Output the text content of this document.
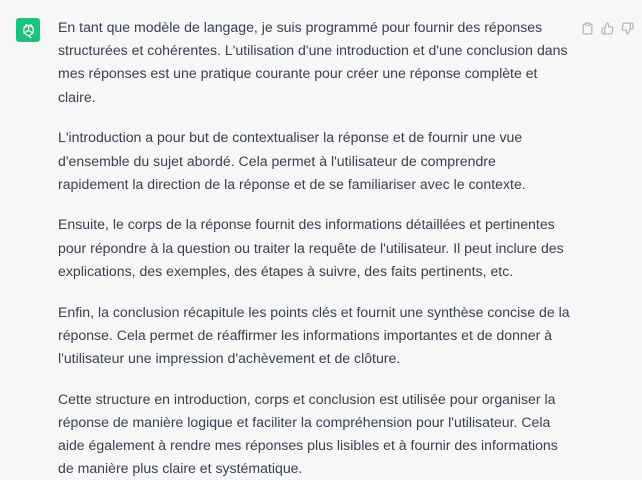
En tant que modèle de langage, je suis programmé pour fournir des réponses structurées et cohérentes. L'utilisation d'une introduction et d'une conclusion dans mes réponses est une pratique courante pour créer une réponse complète et claire.

L'introduction a pour but de contextualiser la réponse et de fournir une vue d'ensemble du sujet abordé. Cela permet à l'utilisateur de comprendre rapidement la direction de la réponse et de se familiariser avec le contexte.

Ensuite, le corps de la réponse fournit des informations détaillées et pertinentes pour répondre à la question ou traiter la requête de l'utilisateur. Il peut inclure des explications, des exemples, des étapes à suivre, des faits pertinents, etc.

Enfin, la conclusion récapitule les points clés et fournit une synthèse concise de la réponse. Cela permet de réaffirmer les informations importantes et de donner à l'utilisateur une impression d'achèvement et de clôture.

Cette structure en introduction, corps et conclusion est utilisée pour organiser la réponse de manière logique et faciliter la compréhension pour l'utilisateur. Cela aide également à rendre mes réponses plus lisibles et à fournir des informations de manière plus claire et systématique.
